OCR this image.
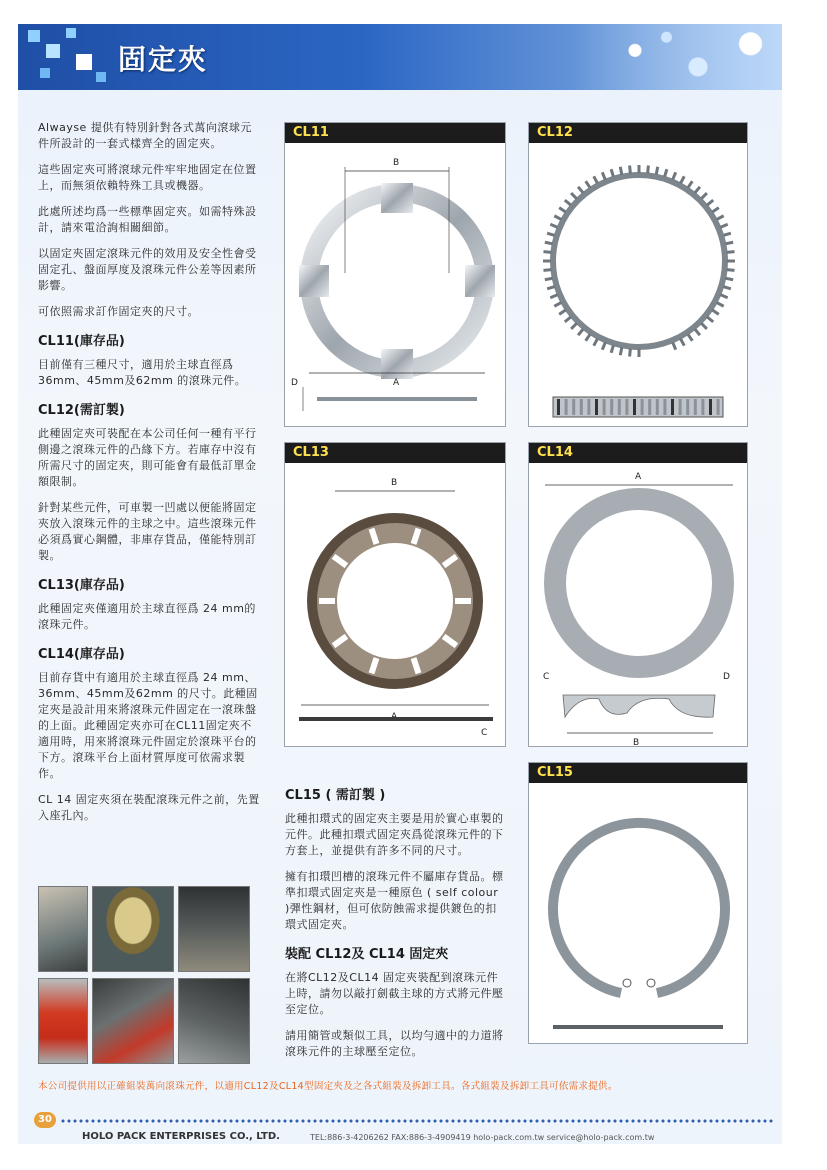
固定夾
Alwayse 提供有特別針對各式萬向滾球元件所設計的一套式樣齊全的固定夾。
這些固定夾可將滾球元件牢牢地固定在位置上，而無須依賴特殊工具或機器。
此處所述均爲一些標準固定夾。如需特殊設計，請來電洽詢相關細節。
以固定夾固定滾珠元件的效用及安全性會受固定孔、盤面厚度及滾珠元件公差等因素所影響。
可依照需求訂作固定夾的尺寸。
CL11(庫存品)
目前僅有三種尺寸，適用於主球直徑爲 36mm、45mm及62mm 的滾珠元件。
CL12(需訂製)
此種固定夾可裝配在本公司任何一種有平行側邊之滾珠元件的凸緣下方。若庫存中沒有所需尺寸的固定夾，則可能會有最低訂單金額限制。
針對某些元件，可車製一凹處以便能將固定夾放入滾珠元件的主球之中。這些滾珠元件必須爲實心鋼體，非庫存貨品，僅能特別訂製。
CL13(庫存品)
此種固定夾僅適用於主球直徑爲 24 mm的滾珠元件。
CL14(庫存品)
目前存貨中有適用於主球直徑爲 24 mm、36mm、45mm及62mm 的尺寸。此種固定夾是設計用來將滾珠元件固定在一滾珠盤的上面。此種固定夾亦可在CL11固定夾不適用時，用來將滾珠元件固定於滾珠平台的下方。滾珠平台上面材質厚度可依需求製作。
CL 14 固定夾須在裝配滾珠元件之前，先置入座孔內。
CL11
B
A
D
CL12
CL13
B
C
CL14
A
C	D
B
CL15
CL15 ( 需訂製 )
此種扣環式的固定夾主要是用於實心車製的元件。此種扣環式固定夾爲從滾珠元件的下方套上，並提供有許多不同的尺寸。
擁有扣環凹槽的滾珠元件不屬庫存貨品。標準扣環式固定夾是一種原色 ( self colour )彈性鋼材，但可依防蝕需求提供鍍色的扣環式固定夾。
裝配 CL12及 CL14 固定夾
在將CL12及CL14 固定夾裝配到滾珠元件上時，請勿以敲打劍截主球的方式將元件壓至定位。
請用簡管或類似工具，以均勻適中的力道將滾珠元件的主球壓至定位。
本公司提供用以正確組裝萬向滾珠元件，以適用CL12及CL14型固定夾及之各式組裝及拆卸工具。各式組裝及拆卸工具可依需求提供。
30
HOLO PACK ENTERPRISES CO., LTD.	TEL:886-3-4206262 FAX:886-3-4909419 holo-pack.com.tw service@holo-pack.com.tw
